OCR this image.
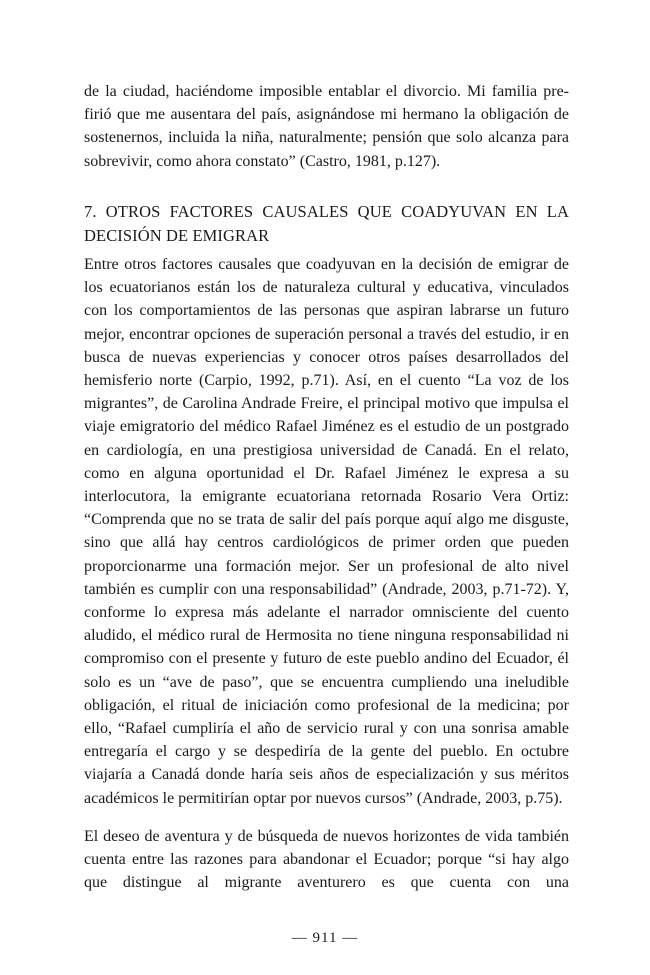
de la ciudad, haciéndome imposible entablar el divorcio. Mi familia prefirió que me ausentara del país, asignándose mi hermano la obligación de sostenernos, incluida la niña, naturalmente; pensión que solo alcanza para sobrevivir, como ahora constato” (Castro, 1981, p.127).

7. OTROS FACTORES CAUSALES QUE COADYUVAN EN LA DECISIÓN DE EMIGRAR

Entre otros factores causales que coadyuvan en la decisión de emigrar de los ecuatorianos están los de naturaleza cultural y educativa, vinculados con los comportamientos de las personas que aspiran labrarse un futuro mejor, encontrar opciones de superación personal a través del estudio, ir en busca de nuevas experiencias y conocer otros países desarrollados del hemisferio norte (Carpio, 1992, p.71). Así, en el cuento “La voz de los migrantes”, de Carolina Andrade Freire, el principal motivo que impulsa el viaje emigratorio del médico Rafael Jiménez es el estudio de un postgrado en cardiología, en una prestigiosa universidad de Canadá. En el relato, como en alguna oportunidad el Dr. Rafael Jiménez le expresa a su interlocutora, la emigrante ecuatoriana retornada Rosario Vera Ortiz: “Comprenda que no se trata de salir del país porque aquí algo me disguste, sino que allá hay centros cardiológicos de primer orden que pueden proporcionarme una formación mejor. Ser un profesional de alto nivel también es cumplir con una responsabilidad” (Andrade, 2003, p.71-72). Y, conforme lo expresa más adelante el narrador omnisciente del cuento aludido, el médico rural de Hermosita no tiene ninguna responsabilidad ni compromiso con el presente y futuro de este pueblo andino del Ecuador, él solo es un “ave de paso”, que se encuentra cumpliendo una ineludible obligación, el ritual de iniciación como profesional de la medicina; por ello, “Rafael cumpliría el año de servicio rural y con una sonrisa amable entregaría el cargo y se despediría de la gente del pueblo. En octubre viajaría a Canadá donde haría seis años de especialización y sus méritos académicos le permitirían optar por nuevos cursos” (Andrade, 2003, p.75).

El deseo de aventura y de búsqueda de nuevos horizontes de vida también cuenta entre las razones para abandonar el Ecuador; porque “si hay algo que distingue al migrante aventurero es que cuenta con una

— 911 —
